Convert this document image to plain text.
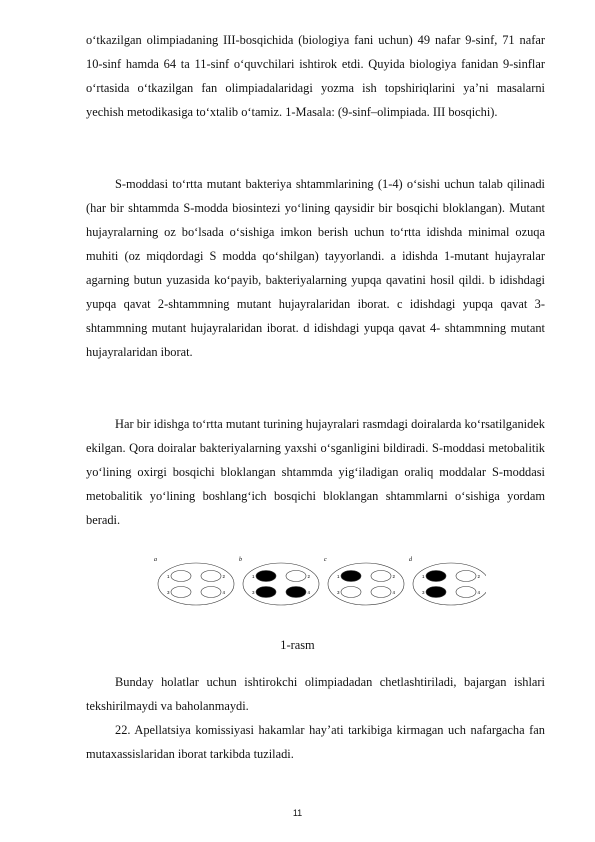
o‘tkazilgan olimpiadaning III-bosqichida (biologiya fani uchun) 49 nafar 9-sinf, 71 nafar 10-sinf hamda 64 ta 11-sinf o‘quvchilari ishtirok etdi. Quyida biologiya fanidan 9-sinflar o‘rtasida o‘tkazilgan fan olimpiadalaridagi yozma ish topshiriqlarini ya’ni masalarni yechish metodikasiga to‘xtalib o‘tamiz. 1-Masala: (9-sinf–olimpiada. III bosqichi).

S-moddasi to‘rtta mutant bakteriya shtammlarining (1-4) o‘sishi uchun talab qilinadi (har bir shtammda S-modda biosintezi yo‘lining qaysidir bir bosqichi bloklangan). Mutant hujayralarning oz bo‘lsada o‘sishiga imkon berish uchun to‘rtta idishda minimal ozuqa muhiti (oz miqdordagi S modda qo‘shilgan) tayyorlandi. a idishda 1-mutant hujayralar agarning butun yuzasida ko‘payib, bakteriyalarning yupqa qavatini hosil qildi. b idishdagi yupqa qavat 2-shtammning mutant hujayralaridan iborat. c idishdagi yupqa qavat 3-shtammning mutant hujayralaridan iborat. d idishdagi yupqa qavat 4- shtammning mutant hujayralaridan iborat.

Har bir idishga to‘rtta mutant turining hujayralari rasmdagi doiralarda ko‘rsatilganidek ekilgan. Qora doiralar bakteriyalarning yaxshi o‘sganligini bildiradi. S-moddasi metobalitik yo‘lining oxirgi bosqichi bloklangan shtammda yig‘iladigan oraliq moddalar S-moddasi metobalitik yo‘lining boshlang‘ich bosqichi bloklangan shtammlarni o‘sishiga yordam beradi.

a
1	2
3	4
b
1	2
3	4
c
1	2
3	4
d
1	2
3	4
1-rasm

Bunday holatlar uchun ishtirokchi olimpiadadan chetlashtiriladi, bajargan ishlari tekshirilmaydi va baholanmaydi.

22. Apellatsiya komissiyasi hakamlar hay’ati tarkibiga kirmagan uch nafargacha fan mutaxassislaridan iborat tarkibda tuziladi.

11
